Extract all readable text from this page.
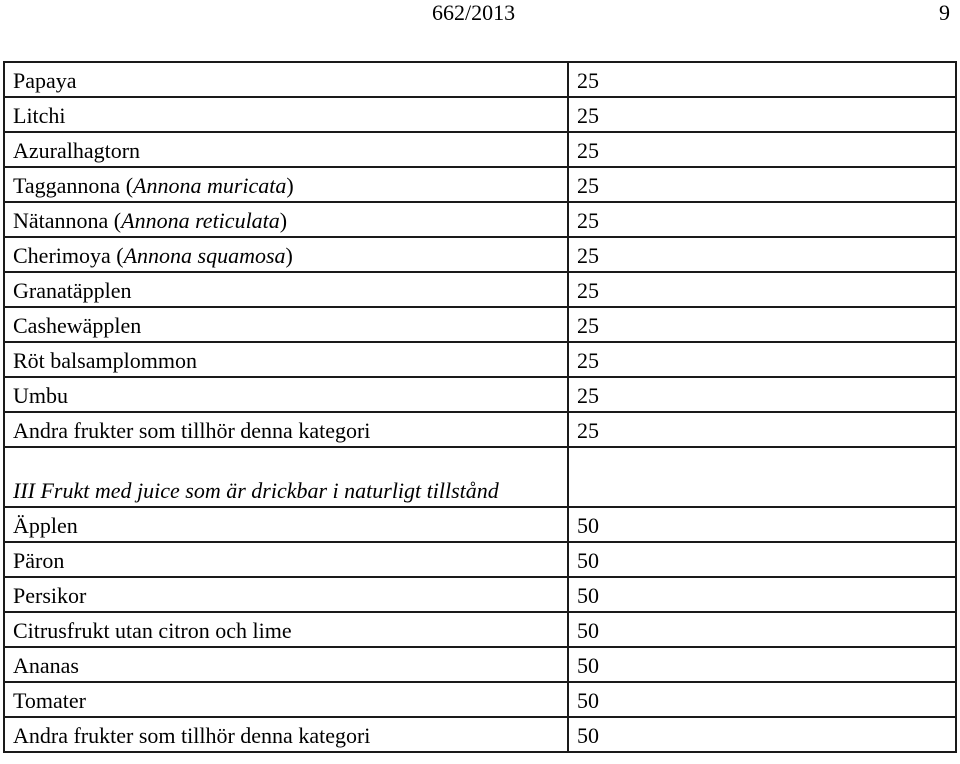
662/2013	9
Papaya	25	
Litchi	25	
Azuralhagtorn	25	
Taggannona (Annona muricata)	25	
Nätannona (Annona reticulata)	25	
Cherimoya (Annona squamosa)	25	
Granatäpplen	25	
Cashewäpplen	25	
Röt balsamplommon	25	
Umbu	25	
Andra frukter som tillhör denna kategori	25	

III Frukt med juice som är drickbar i naturligt tillstånd		

Äpplen	50	
Päron	50	
Persikor	50	
Citrusfrukt utan citron och lime	50	
Ananas	50	
Tomater	50	
Andra frukter som tillhör denna kategori	50	
